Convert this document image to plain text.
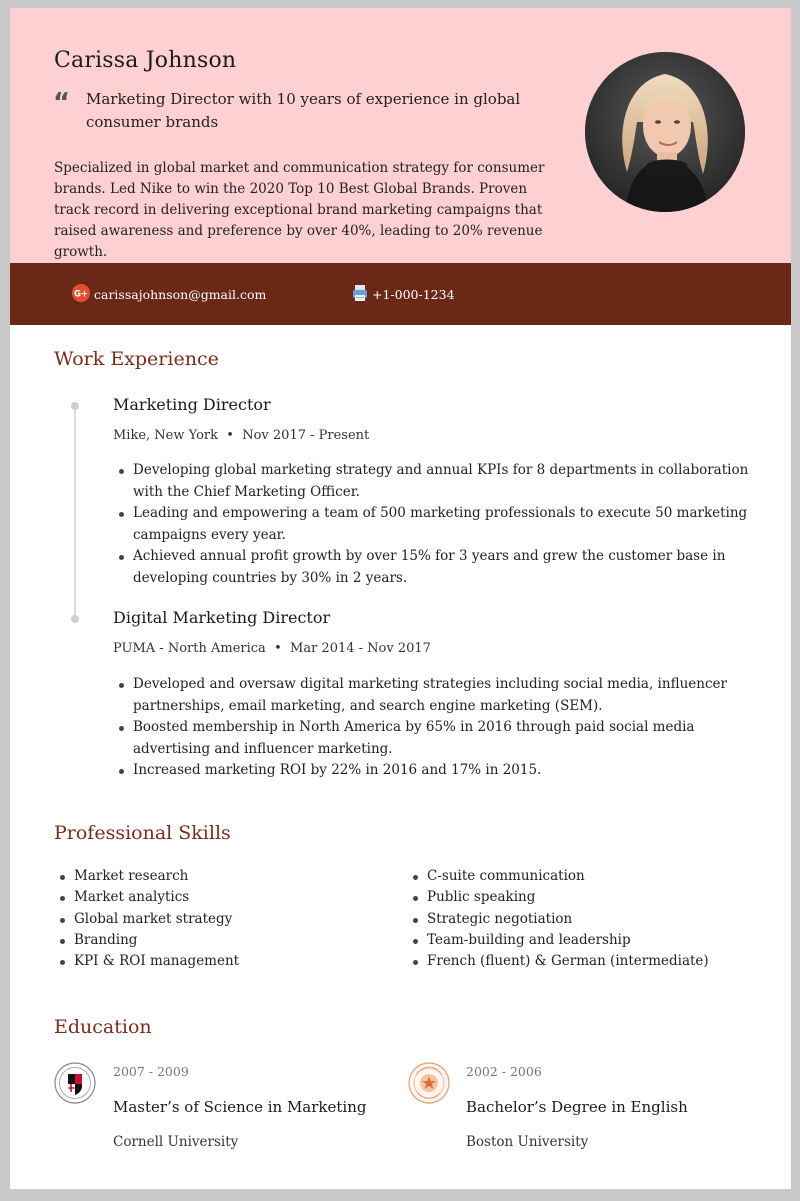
Carissa Johnson
“ Marketing Director with 10 years of experience in global consumer brands
Specialized in global market and communication strategy for consumer brands. Led Nike to win the 2020 Top 10 Best Global Brands. Proven track record in delivering exceptional brand marketing campaigns that raised awareness and preference by over 40%, leading to 20% revenue growth.
G+ carissajohnson@gmail.com	+1-000-1234
Work Experience
Marketing Director
Mike, New York  •  Nov 2017 - Present
Developing global marketing strategy and annual KPIs for 8 departments in collaboration with the Chief Marketing Officer.
Leading and empowering a team of 500 marketing professionals to execute 50 marketing campaigns every year.
Achieved annual profit growth by over 15% for 3 years and grew the customer base in developing countries by 30% in 2 years.
Digital Marketing Director
PUMA - North America  •  Mar 2014 - Nov 2017
Developed and oversaw digital marketing strategies including social media, influencer partnerships, email marketing, and search engine marketing (SEM).
Boosted membership in North America by 65% in 2016 through paid social media advertising and influencer marketing.
Increased marketing ROI by 22% in 2016 and 17% in 2015.
Professional Skills
Market research
Market analytics
Global market strategy
Branding
KPI & ROI management
C-suite communication
Public speaking
Strategic negotiation
Team-building and leadership
French (fluent) & German (intermediate)
Education
2007 - 2009
Master’s of Science in Marketing
Cornell University
2002 - 2006
Bachelor’s Degree in English
Boston University
